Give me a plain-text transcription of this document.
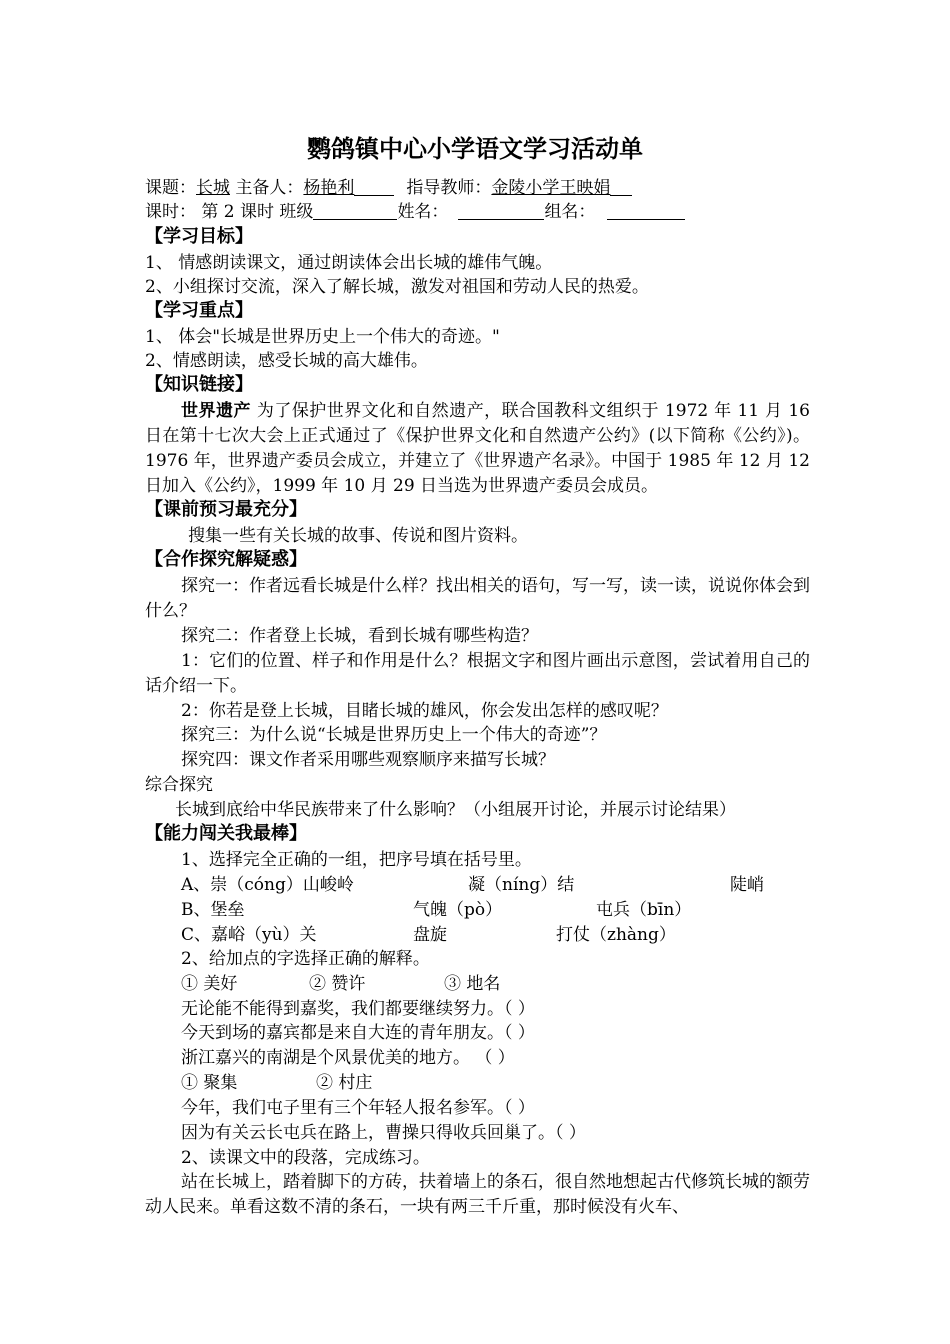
鹦鸽镇中心小学语文学习活动单
课题：长城 主备人：杨艳利	指导教师：金陵小学王映娟
课时： 第 2 课时 班级	姓名：	组名：
【学习目标】
1、 情感朗读课文，通过朗读体会出长城的雄伟气魄。
2、小组探讨交流，深入了解长城，激发对祖国和劳动人民的热爱。
【学习重点】
1、 体会"长城是世界历史上一个伟大的奇迹。"
2、情感朗读，感受长城的高大雄伟。
【知识链接】
世界遗产 为了保护世界文化和自然遗产，联合国教科文组织于 1972 年 11 月 16 日在第十七次大会上正式通过了《保护世界文化和自然遗产公约》(以下简称《公约》)。1976 年，世界遗产委员会成立，并建立了《世界遗产名录》。中国于 1985 年 12 月 12 日加入《公约》，1999 年 10 月 29 日当选为世界遗产委员会成员。
【课前预习最充分】
搜集一些有关长城的故事、传说和图片资料。
【合作探究解疑惑】
探究一：作者远看长城是什么样？找出相关的语句，写一写，读一读，说说你体会到什么？
探究二：作者登上长城，看到长城有哪些构造？
1：它们的位置、样子和作用是什么？根据文字和图片画出示意图，尝试着用自己的话介绍一下。
2：你若是登上长城，目睹长城的雄风，你会发出怎样的感叹呢？
探究三：为什么说“长城是世界历史上一个伟大的奇迹”？
探究四：课文作者采用哪些观察顺序来描写长城？
综合探究
长城到底给中华民族带来了什么影响？（小组展开讨论，并展示讨论结果）
【能力闯关我最棒】
1、选择完全正确的一组，把序号填在括号里。
A、崇（cóng）山峻岭	凝（níng）结	陡峭
B、堡垒	气魄（pò）	屯兵（bīn）
C、嘉峪（yù）关	盘旋	打仗（zhàng）
2、给加点的字选择正确的解释。
① 美好	② 赞许	③ 地名
无论能不能得到嘉奖，我们都要继续努力。（ ）
今天到场的嘉宾都是来自大连的青年朋友。（ ）
浙江嘉兴的南湖是个风景优美的地方。 （ ）
① 聚集	② 村庄
今年，我们屯子里有三个年轻人报名参军。（ ）
因为有关云长屯兵在路上，曹操只得收兵回巢了。（ ）
2、读课文中的段落，完成练习。
站在长城上，踏着脚下的方砖，扶着墙上的条石，很自然地想起古代修筑长城的额劳动人民来。单看这数不清的条石，一块有两三千斤重，那时候没有火车、
